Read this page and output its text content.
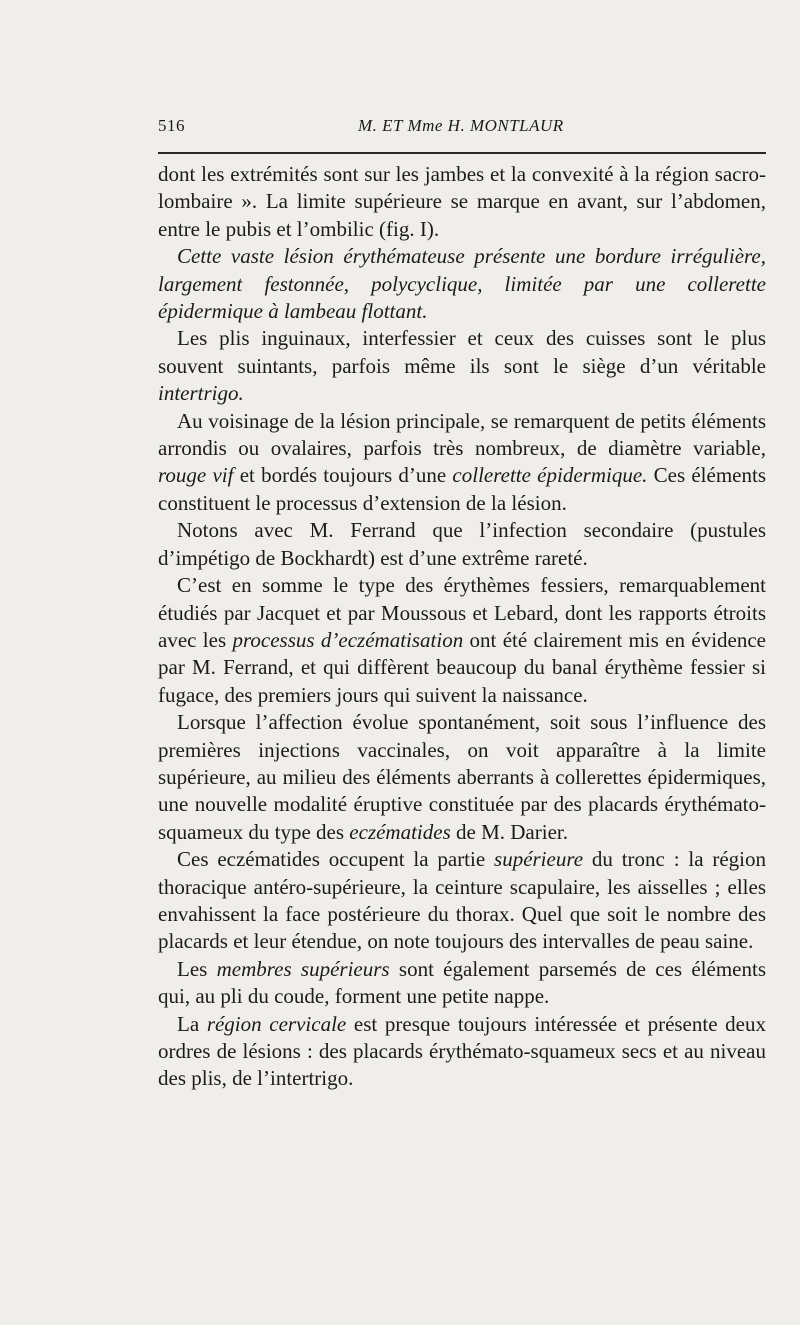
516	M. ET Mme H. MONTLAUR

dont les extrémités sont sur les jambes et la convexité à la région sacro-lombaire ». La limite supérieure se marque en avant, sur l’abdomen, entre le pubis et l’ombilic (fig. I).

Cette vaste lésion érythémateuse présente une bordure irrégulière, largement festonnée, polycyclique, limitée par une collerette épidermique à lambeau flottant.

Les plis inguinaux, interfessier et ceux des cuisses sont le plus souvent suintants, parfois même ils sont le siège d’un véritable intertrigo.

Au voisinage de la lésion principale, se remarquent de petits éléments arrondis ou ovalaires, parfois très nombreux, de diamètre variable, rouge vif et bordés toujours d’une collerette épidermique. Ces éléments constituent le processus d’extension de la lésion.

Notons avec M. Ferrand que l’infection secondaire (pustules d’impétigo de Bockhardt) est d’une extrême rareté.

C’est en somme le type des érythèmes fessiers, remarquablement étudiés par Jacquet et par Moussous et Lebard, dont les rapports étroits avec les processus d’eczématisation ont été clairement mis en évidence par M. Ferrand, et qui diffèrent beaucoup du banal érythème fessier si fugace, des premiers jours qui suivent la naissance.

Lorsque l’affection évolue spontanément, soit sous l’influence des premières injections vaccinales, on voit apparaître à la limite supérieure, au milieu des éléments aberrants à collerettes épidermiques, une nouvelle modalité éruptive constituée par des placards érythémato-squameux du type des eczématides de M. Darier.

Ces eczématides occupent la partie supérieure du tronc : la région thoracique antéro-supérieure, la ceinture scapulaire, les aisselles ; elles envahissent la face postérieure du thorax. Quel que soit le nombre des placards et leur étendue, on note toujours des intervalles de peau saine.

Les membres supérieurs sont également parsemés de ces éléments qui, au pli du coude, forment une petite nappe.

La région cervicale est presque toujours intéressée et présente deux ordres de lésions : des placards érythémato-squameux secs et au niveau des plis, de l’intertrigo.
